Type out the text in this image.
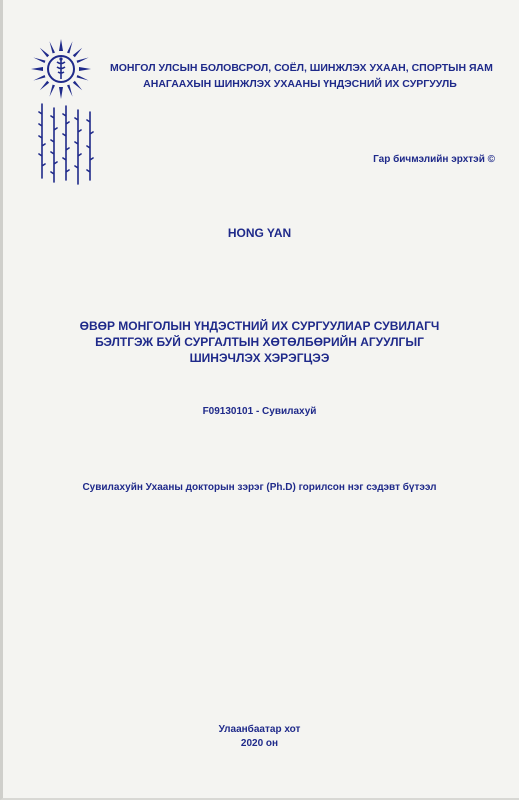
МОНГОЛ УЛСЫН БОЛОВСРОЛ, СОЁЛ, ШИНЖЛЭХ УХААН, СПОРТЫН ЯАМ
АНАГААХЫН ШИНЖЛЭХ УХААНЫ ҮНДЭСНИЙ ИХ СУРГУУЛЬ
Гар бичмэлийн эрхтэй ©
HONG YAN
ӨВӨР МОНГОЛЫН ҮНДЭСТНИЙ ИХ СУРГУУЛИАР СУВИЛАГЧ
БЭЛТГЭЖ БУЙ СУРГАЛТЫН ХӨТӨЛБӨРИЙН АГУУЛГЫГ
ШИНЭЧЛЭХ ХЭРЭГЦЭЭ
F09130101 - Сувилахуй
Сувилахуйн Ухааны докторын зэрэг (Ph.D) горилсон нэг сэдэвт бүтээл
Улаанбаатар хот
2020 он
